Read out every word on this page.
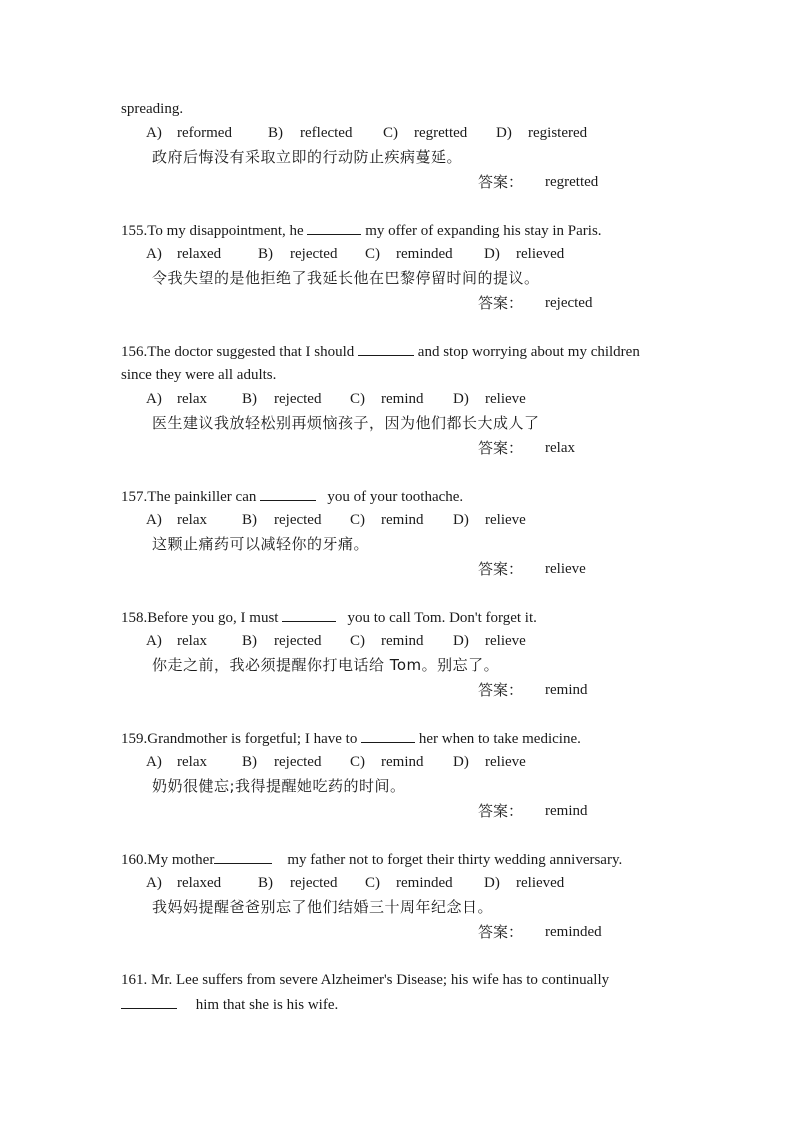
spreading.
A) reformed B) reflected C) regretted D) registered
政府后悔没有采取立即的行动防止疾病蔓延。
答案： regretted
155.To my disappointment, he	my offer of expanding his stay in Paris.
A) relaxed B) rejected C) reminded D) relieved
令我失望的是他拒绝了我延长他在巴黎停留时间的提议。
答案： rejected
156.The doctor suggested that I should	and stop worrying about my children
since they were all adults.
A) relax B) rejected C) remind D) relieve
医生建议我放轻松别再烦恼孩子，因为他们都长大成人了
答案： relax
157.The painkiller can	you of your toothache.
A) relax B) rejected C) remind D) relieve
这颗止痛药可以减轻你的牙痛。
答案： relieve
158.Before you go, I must	you to call Tom. Don't forget it.
A) relax B) rejected C) remind D) relieve
你走之前，我必须提醒你打电话给 Tom。别忘了。
答案： remind
159.Grandmother is forgetful; I have to	her when to take medicine.
A) relax B) rejected C) remind D) relieve
奶奶很健忘;我得提醒她吃药的时间。
答案： remind
160.My mother	my father not to forget their thirty wedding anniversary.
A) relaxed B) rejected C) reminded D) relieved
我妈妈提醒爸爸别忘了他们结婚三十周年纪念日。
答案： reminded
161. Mr. Lee suffers from severe Alzheimer's Disease; his wife has to continually
him that she is his wife.
